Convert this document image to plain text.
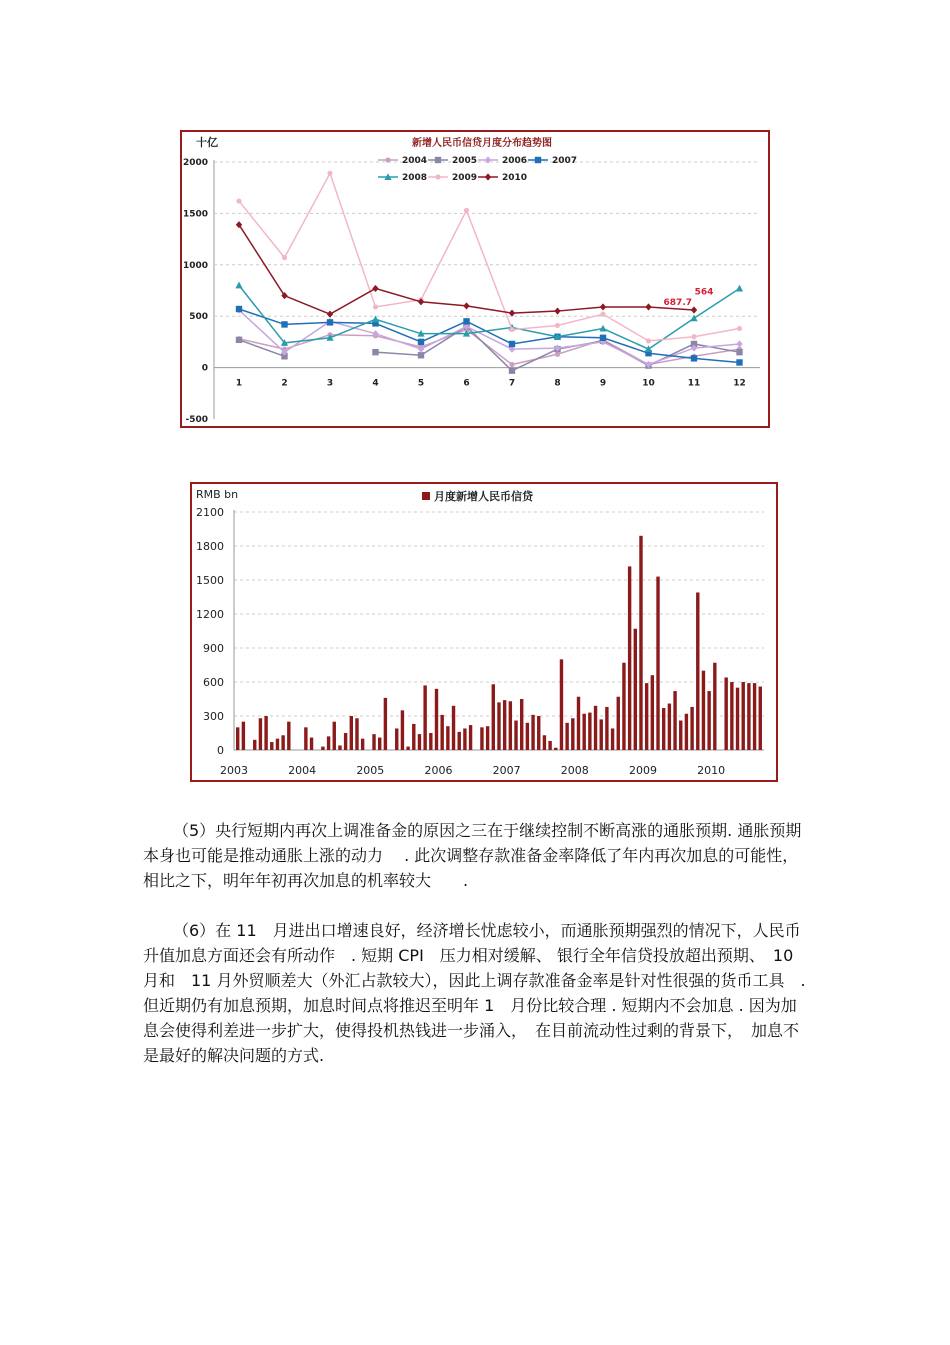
2000
1500
1000
500
0
-500
1	2	3	4	5	6	7	8	9	10	11	12
十亿	新增人民币信贷月度分布趋势图
2004	2005	2006	2007
2008	2009	2010
687.7
564
2100
1800
1500
1200
900
600
300
0
2003	2004	2005	2006	2007	2008	2009	2010
RMB bn	月度新增人民币信贷

（5）央行短期内再次上调准备金的原因之三在于继续控制不断高涨的通胀预期. 通胀预期本身也可能是推动通胀上涨的动力　 . 此次调整存款准备金率降低了年内再次加息的可能性，相比之下，明年年初再次加息的机率较大　　.

（6）在 11　月进出口增速良好，经济增长忧虑较小，而通胀预期强烈的情况下，人民币升值加息方面还会有所动作　. 短期 CPI　压力相对缓解、 银行全年信贷投放超出预期、　10 月和　11 月外贸顺差大（外汇占款较大），因此上调存款准备金率是针对性很强的货币工具　. 但近期仍有加息预期，加息时间点将推迟至明年 1　月份比较合理 . 短期内不会加息 . 因为加息会使得利差进一步扩大，使得投机热钱进一步涌入，　在目前流动性过剩的背景下，　加息不是最好的解决问题的方式.
